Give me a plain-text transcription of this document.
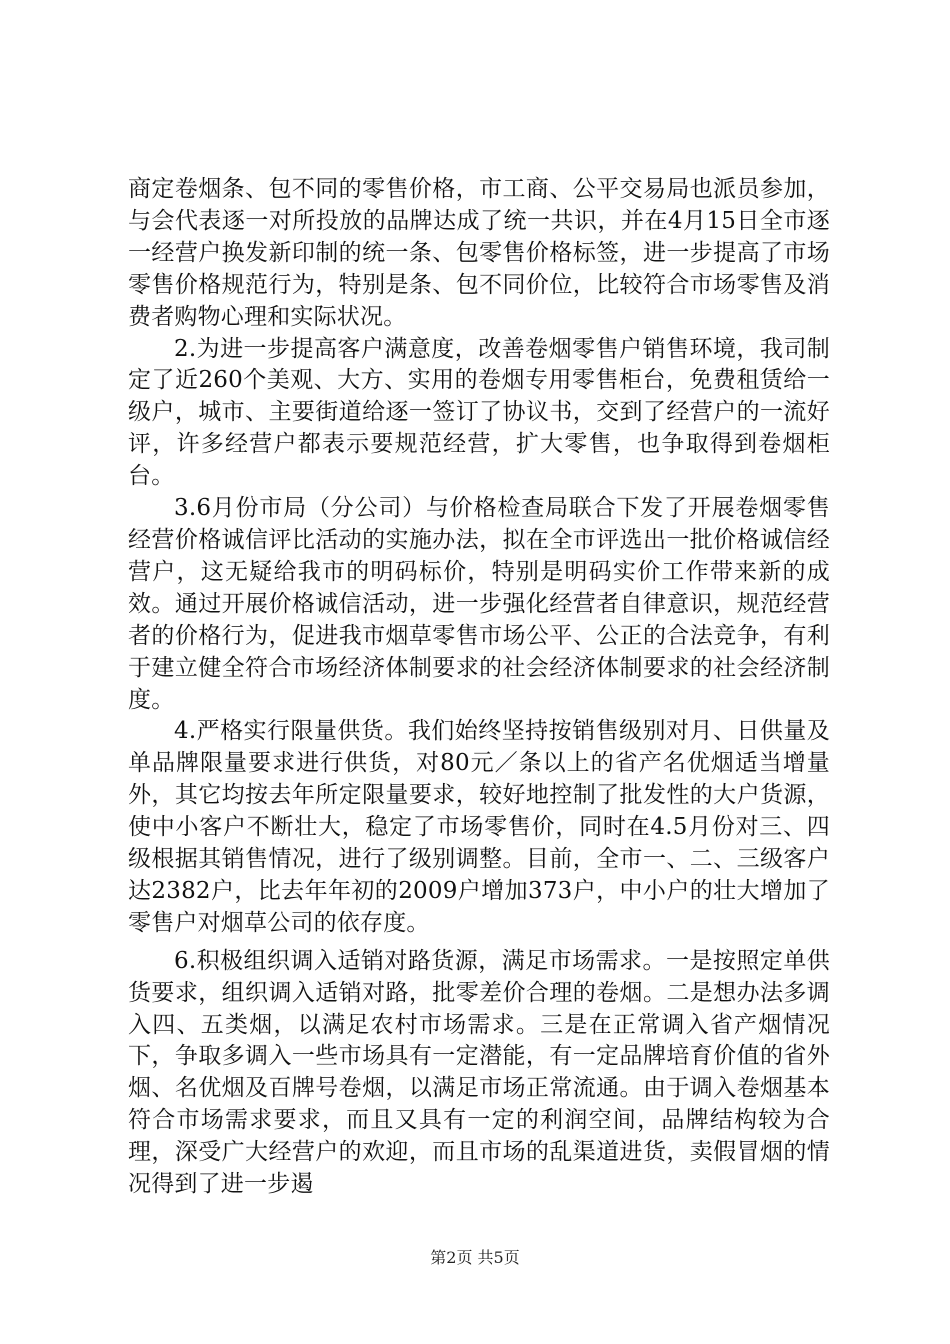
商定卷烟条、包不同的零售价格，市工商、公平交易局也派员参加，与会代表逐一对所投放的品牌达成了统一共识，并在4月15日全市逐一经营户换发新印制的统一条、包零售价格标签，进一步提高了市场零售价格规范行为，特别是条、包不同价位，比较符合市场零售及消费者购物心理和实际状况。

2.为进一步提高客户满意度，改善卷烟零售户销售环境，我司制定了近260个美观、大方、实用的卷烟专用零售柜台，免费租赁给一级户，城市、主要街道给逐一签订了协议书，交到了经营户的一流好评，许多经营户都表示要规范经营，扩大零售，也争取得到卷烟柜台。

3.6月份市局（分公司）与价格检查局联合下发了开展卷烟零售经营价格诚信评比活动的实施办法，拟在全市评选出一批价格诚信经营户，这无疑给我市的明码标价，特别是明码实价工作带来新的成效。通过开展价格诚信活动，进一步强化经营者自律意识，规范经营者的价格行为，促进我市烟草零售市场公平、公正的合法竞争，有利于建立健全符合市场经济体制要求的社会经济体制要求的社会经济制度。

4.严格实行限量供货。我们始终坚持按销售级别对月、日供量及单品牌限量要求进行供货，对80元／条以上的省产名优烟适当增量外，其它均按去年所定限量要求，较好地控制了批发性的大户货源，使中小客户不断壮大，稳定了市场零售价，同时在4.5月份对三、四级根据其销售情况，进行了级别调整。目前，全市一、二、三级客户达2382户，比去年年初的2009户增加373户，中小户的壮大增加了零售户对烟草公司的依存度。

6.积极组织调入适销对路货源，满足市场需求。一是按照定单供货要求，组织调入适销对路，批零差价合理的卷烟。二是想办法多调入四、五类烟，以满足农村市场需求。三是在正常调入省产烟情况下，争取多调入一些市场具有一定潜能，有一定品牌培育价值的省外烟、名优烟及百牌号卷烟，以满足市场正常流通。由于调入卷烟基本符合市场需求要求，而且又具有一定的利润空间，品牌结构较为合理，深受广大经营户的欢迎，而且市场的乱渠道进货，卖假冒烟的情况得到了进一步遏

第2页 共5页
